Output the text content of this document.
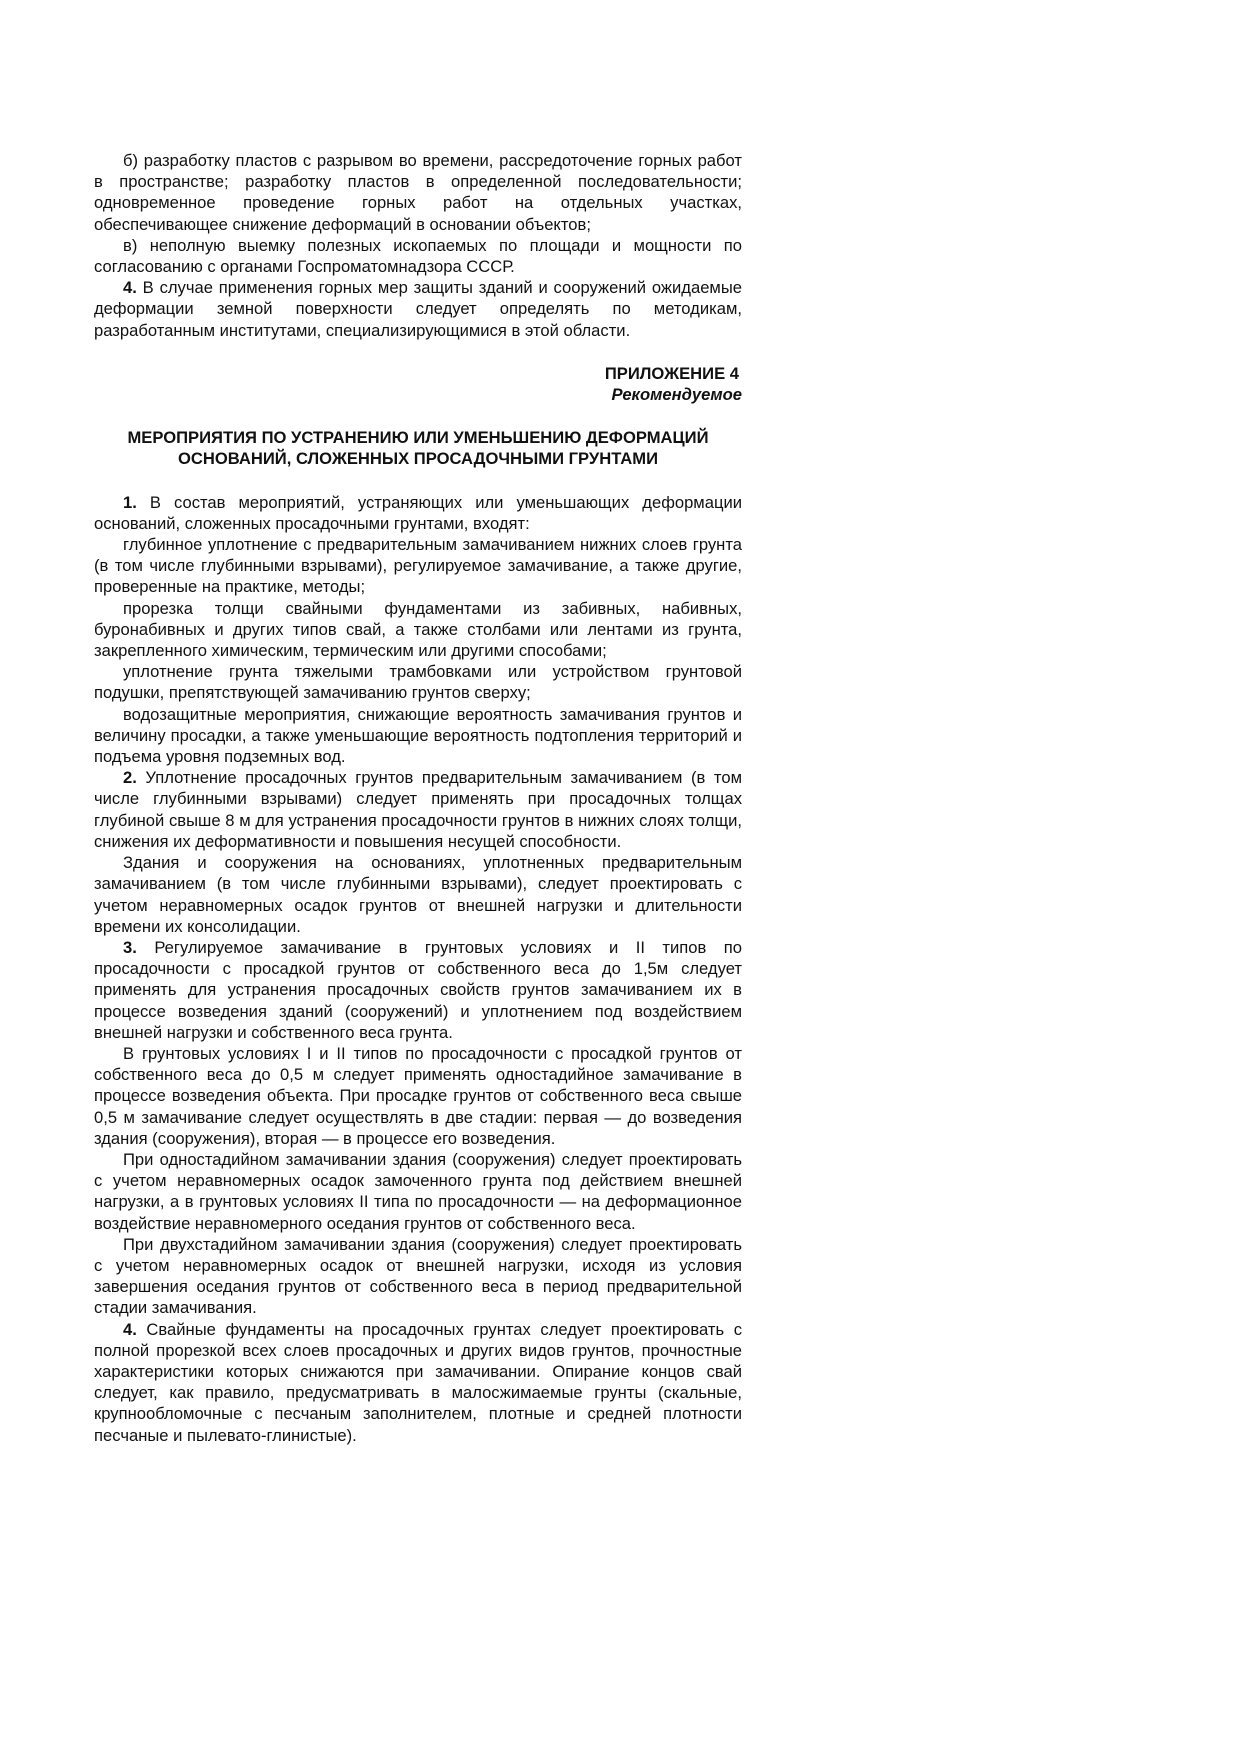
б) разработку пластов с разрывом во времени, рассредоточение горных работ в пространстве; разработку пластов в определенной последовательности; одновременное проведение горных работ на отдельных участках, обеспечивающее снижение деформаций в основании объектов;

в) неполную выемку полезных ископаемых по площади и мощности по согласованию с органами Госпроматомнадзора СССР.

4. В случае применения горных мер защиты зданий и сооружений ожидаемые деформации земной поверхности следует определять по методикам, разработанным институтами, специализирующимися в этой области.

ПРИЛОЖЕНИЕ 4
Рекомендуемое
МЕРОПРИЯТИЯ ПО УСТРАНЕНИЮ ИЛИ УМЕНЬШЕНИЮ ДЕФОРМАЦИЙ ОСНОВАНИЙ, СЛОЖЕННЫХ ПРОСАДОЧНЫМИ ГРУНТАМИ

1. В состав мероприятий, устраняющих или уменьшающих деформации оснований, сложенных просадочными грунтами, входят:

глубинное уплотнение с предварительным замачиванием нижних слоев грунта (в том числе глубинными взрывами), регулируемое замачивание, а также другие, проверенные на практике, методы;

прорезка толщи свайными фундаментами из забивных, набивных, буронабивных и других типов свай, а также столбами или лентами из грунта, закрепленного химическим, термическим или другими способами;

уплотнение грунта тяжелыми трамбовками или устройством грунтовой подушки, препятствующей замачиванию грунтов сверху;

водозащитные мероприятия, снижающие вероятность замачивания грунтов и величину просадки, а также уменьшающие вероятность подтопления территорий и подъема уровня подземных вод.

2. Уплотнение просадочных грунтов предварительным замачиванием (в том числе глубинными взрывами) следует применять при просадочных толщах глубиной свыше 8 м для устранения просадочности грунтов в нижних слоях толщи, снижения их деформативности и повышения несущей способности.

Здания и сооружения на основаниях, уплотненных предварительным замачиванием (в том числе глубинными взрывами), следует проектировать с учетом неравномерных осадок грунтов от внешней нагрузки и длительности времени их консолидации.

3. Регулируемое замачивание в грунтовых условиях и II типов по просадочности с просадкой грунтов от собственного веса до 1,5м следует применять для устранения просадочных свойств грунтов замачиванием их в процессе возведения зданий (сооружений) и уплотнением под воздействием внешней нагрузки и собственного веса грунта.

В грунтовых условиях I и II типов по просадочности с просадкой грунтов от собственного веса до 0,5 м следует применять одностадийное замачивание в процессе возведения объекта. При просадке грунтов от собственного веса свыше 0,5 м замачивание следует осуществлять в две стадии: первая — до возведения здания (сооружения), вторая — в процессе его возведения.

При одностадийном замачивании здания (сооружения) следует проектировать с учетом неравномерных осадок замоченного грунта под действием внешней нагрузки, а в грунтовых условиях II типа по просадочности — на деформационное воздействие неравномерного оседания грунтов от собственного веса.

При двухстадийном замачивании здания (сооружения) следует проектировать с учетом неравномерных осадок от внешней нагрузки, исходя из условия завершения оседания грунтов от собственного веса в период предварительной стадии замачивания.

4. Свайные фундаменты на просадочных грунтах следует проектировать с полной прорезкой всех слоев просадочных и других видов грунтов, прочностные характеристики которых снижаются при замачивании. Опирание концов свай следует, как правило, предусматривать в малосжимаемые грунты (скальные, крупнообломочные с песчаным заполнителем, плотные и средней плотности песчаные и пылевато-глинистые).
